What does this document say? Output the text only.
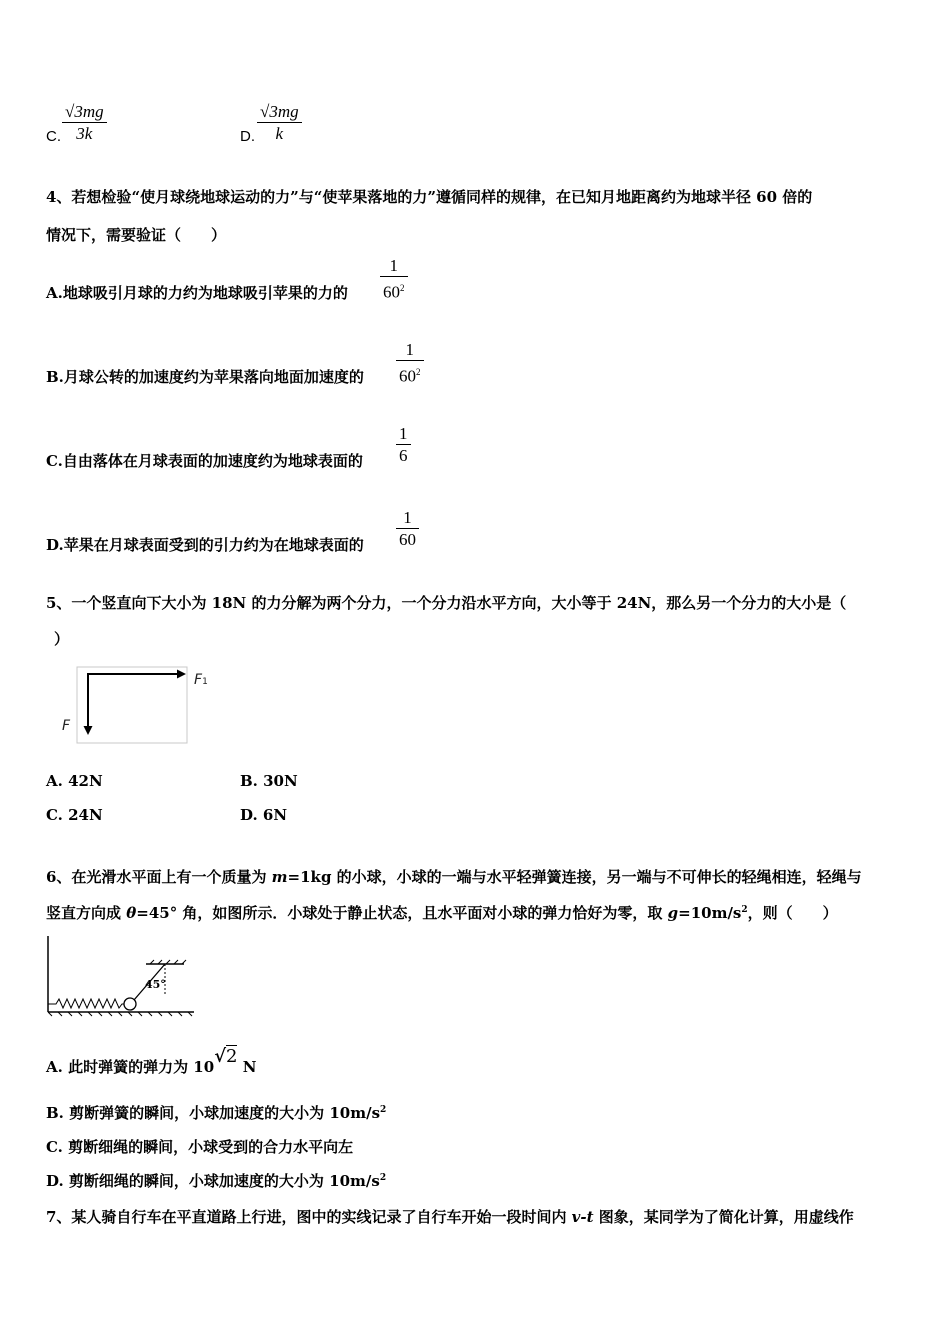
C. $\frac{√3mg}{3k}$	D. $\frac{√3mg}{k}$
4、若想检验“使月球绕地球运动的力”与“使苹果落地的力”遵循同样的规律，在已知月地距离约为地球半径 60 倍的
情况下，需要验证（　　）
A.地球吸引月球的力约为地球吸引苹果的力的 $\frac{1}{60^2}$
B.月球公转的加速度约为苹果落向地面加速度的 $\frac{1}{60^2}$
C.自由落体在月球表面的加速度约为地球表面的 $\frac{1}{6}$
D.苹果在月球表面受到的引力约为在地球表面的 $\frac{1}{60}$
5、一个竖直向下大小为 18N 的力分解为两个分力，一个分力沿水平方向，大小等于 24N，那么另一个分力的大小是（
）
F1
F
A. 42N	B. 30N
C. 24N	D. 6N
6、在光滑水平面上有一个质量为 m=1kg 的小球，小球的一端与水平轻弹簧连接，另一端与不可伸长的轻绳相连，轻绳与
竖直方向成 θ=45° 角，如图所示．小球处于静止状态，且水平面对小球的弹力恰好为零，取 $g=10m/s^2$，则（　　）
45°
A. 此时弹簧的弹力为 10√2 N
B. 剪断弹簧的瞬间，小球加速度的大小为 $10m/s^2$
C. 剪断细绳的瞬间，小球受到的合力水平向左
D. 剪断细绳的瞬间，小球加速度的大小为 $10m/s^2$
7、某人骑自行车在平直道路上行进，图中的实线记录了自行车开始一段时间内 v-t 图象，某同学为了简化计算，用虚线作
